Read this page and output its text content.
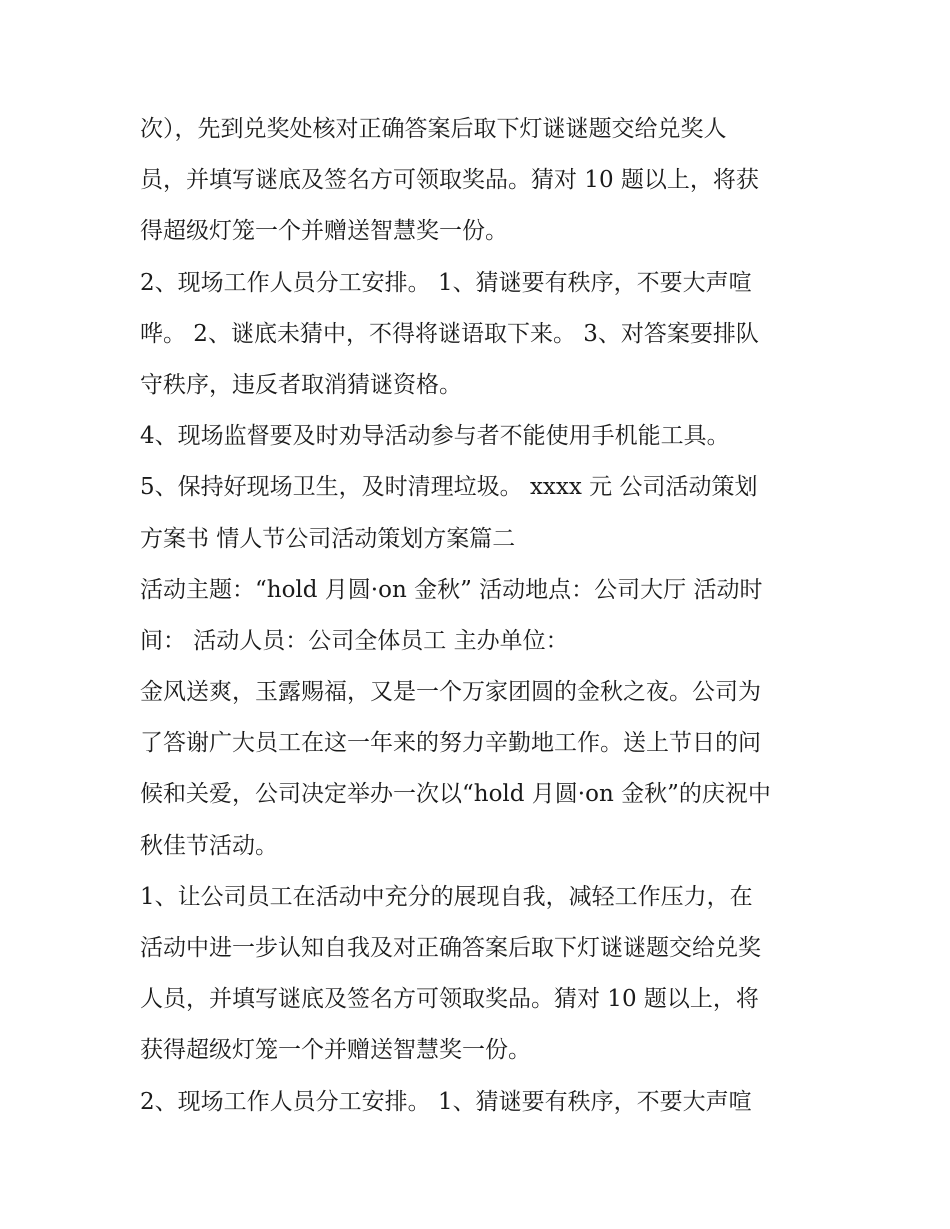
次），先到兑奖处核对正确答案后取下灯谜谜题交给兑奖人
员，并填写谜底及签名方可领取奖品。猜对 10 题以上，将获
得超级灯笼一个并赠送智慧奖一份。
2、现场工作人员分工安排。 1、猜谜要有秩序，不要大声喧
哗。 2、谜底未猜中，不得将谜语取下来。 3、对答案要排队
守秩序，违反者取消猜谜资格。
4、现场监督要及时劝导活动参与者不能使用手机能工具。
5、保持好现场卫生，及时清理垃圾。 xxxx 元 公司活动策划
方案书 情人节公司活动策划方案篇二
活动主题：“hold 月圆·on 金秋” 活动地点：公司大厅 活动时
间： 活动人员：公司全体员工 主办单位：
金风送爽，玉露赐福，又是一个万家团圆的金秋之夜。公司为
了答谢广大员工在这一年来的努力辛勤地工作。送上节日的问
候和关爱，公司决定举办一次以“hold 月圆·on 金秋”的庆祝中
秋佳节活动。
1、让公司员工在活动中充分的展现自我，减轻工作压力，在
活动中进一步认知自我及对正确答案后取下灯谜谜题交给兑奖
人员，并填写谜底及签名方可领取奖品。猜对 10 题以上，将
获得超级灯笼一个并赠送智慧奖一份。
2、现场工作人员分工安排。 1、猜谜要有秩序，不要大声喧
